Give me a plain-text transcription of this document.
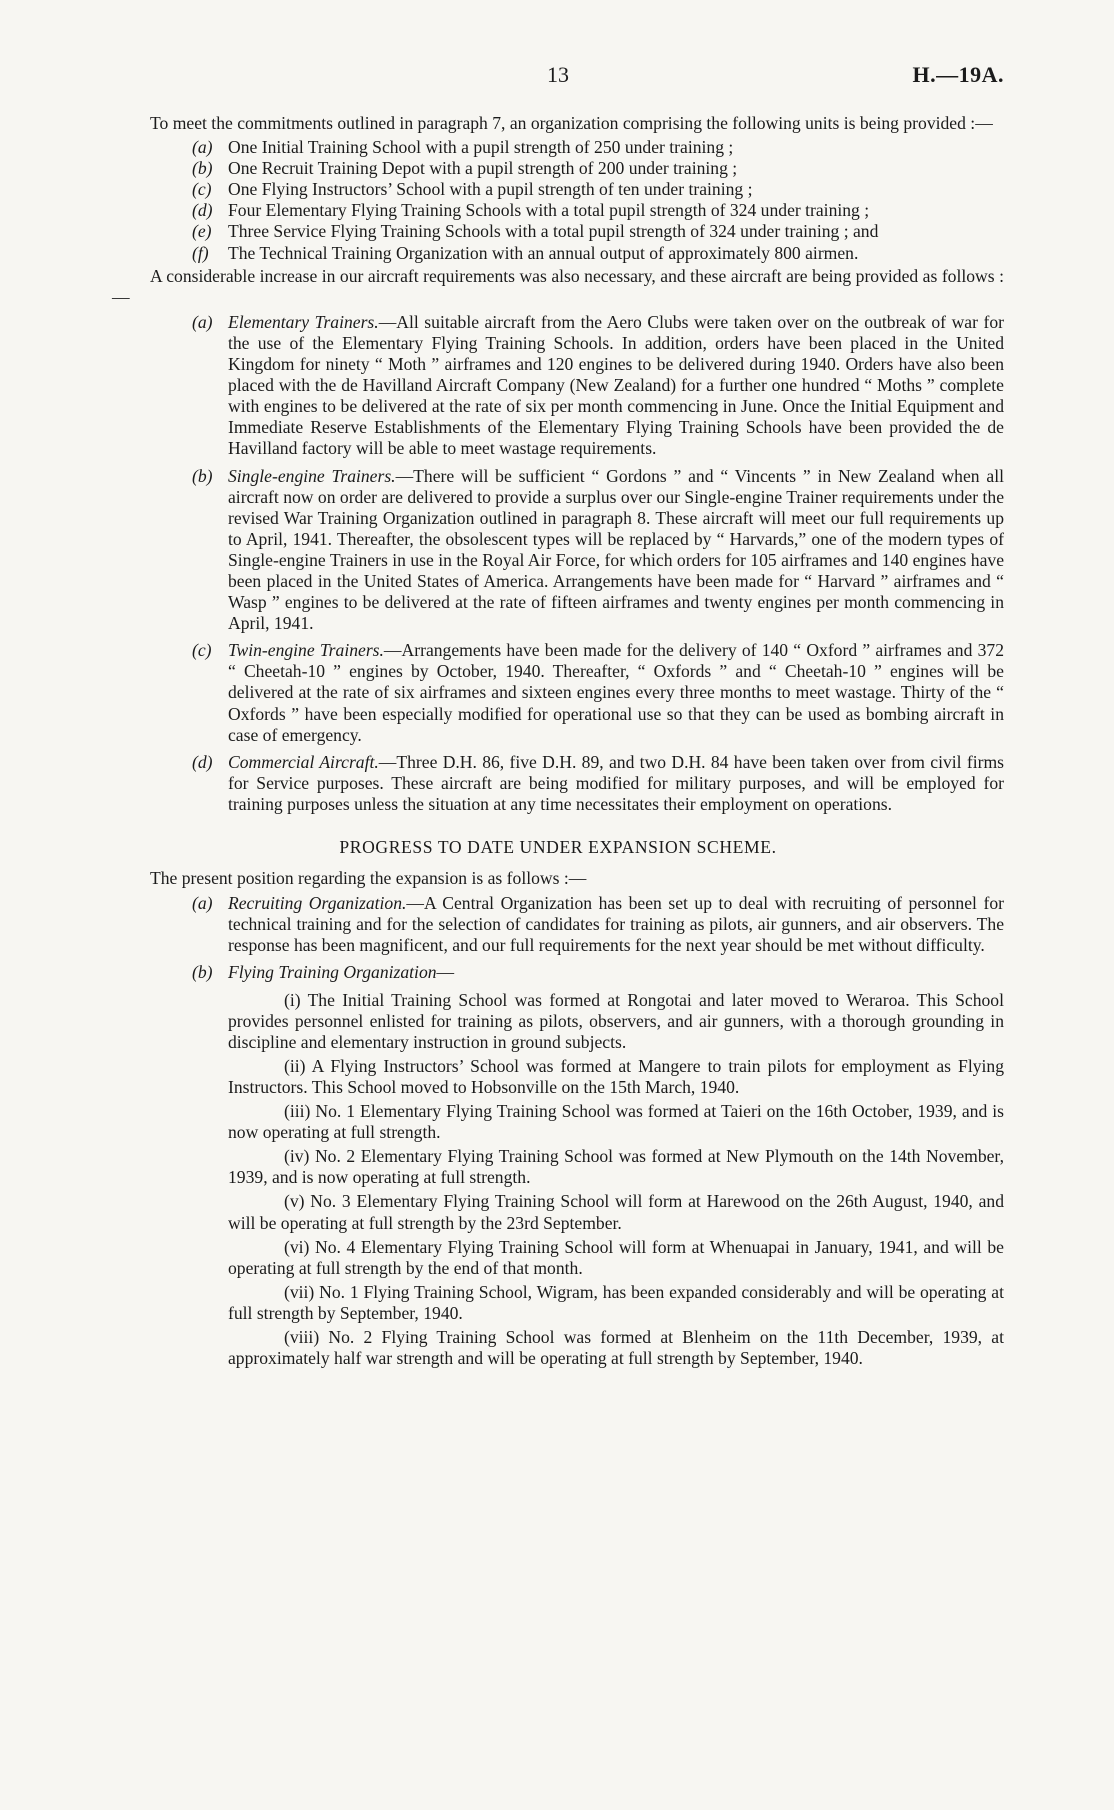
13	H.—19A.

To meet the commitments outlined in paragraph 7, an organization comprising the following units is being provided :—

(a) One Initial Training School with a pupil strength of 250 under training ;
(b) One Recruit Training Depot with a pupil strength of 200 under training ;
(c) One Flying Instructors’ School with a pupil strength of ten under training ;
(d) Four Elementary Flying Training Schools with a total pupil strength of 324 under training ;
(e) Three Service Flying Training Schools with a total pupil strength of 324 under training ; and
(f)	The Technical Training Organization with an annual output of approximately 800 airmen.

A considerable increase in our aircraft requirements was also necessary, and these aircraft are being provided as follows :—

(a) Elementary Trainers.—All suitable aircraft from the Aero Clubs were taken over on the outbreak of war for the use of the Elementary Flying Training Schools. In addition, orders have been placed in the United Kingdom for ninety “ Moth ” airframes and 120 engines to be delivered during 1940. Orders have also been placed with the de Havilland Aircraft Company (New Zealand) for a further one hundred “ Moths ” complete with engines to be delivered at the rate of six per month commencing in June. Once the Initial Equipment and Immediate Reserve Establishments of the Elementary Flying Training Schools have been provided the de Havilland factory will be able to meet wastage requirements.
(b) Single-engine Trainers.—There will be sufficient “ Gordons ” and “ Vincents ” in New Zealand when all aircraft now on order are delivered to provide a surplus over our Single-engine Trainer requirements under the revised War Training Organization outlined in paragraph 8. These aircraft will meet our full requirements up to April, 1941. Thereafter, the obsolescent types will be replaced by “ Harvards,” one of the modern types of Single-engine Trainers in use in the Royal Air Force, for which orders for 105 airframes and 140 engines have been placed in the United States of America. Arrangements have been made for “ Harvard ” airframes and “ Wasp ” engines to be delivered at the rate of fifteen airframes and twenty engines per month commencing in April, 1941.
(c) Twin-engine Trainers.—Arrangements have been made for the delivery of 140 “ Oxford ” airframes and 372 “ Cheetah-10 ” engines by October, 1940. Thereafter, “ Oxfords ” and “ Cheetah-10 ” engines will be delivered at the rate of six airframes and sixteen engines every three months to meet wastage. Thirty of the “ Oxfords ” have been especially modified for operational use so that they can be used as bombing aircraft in case of emergency.
(d) Commercial Aircraft.—Three D.H. 86, five D.H. 89, and two D.H. 84 have been taken over from civil firms for Service purposes. These aircraft are being modified for military purposes, and will be employed for training purposes unless the situation at any time necessitates their employment on operations.

PROGRESS TO DATE UNDER EXPANSION SCHEME.

The present position regarding the expansion is as follows :—

(a) Recruiting Organization.—A Central Organization has been set up to deal with recruiting of personnel for technical training and for the selection of candidates for training as pilots, air gunners, and air observers. The response has been magnificent, and our full requirements for the next year should be met without difficulty.
(b) Flying Training Organization—

(i) The Initial Training School was formed at Rongotai and later moved to Weraroa. This School provides personnel enlisted for training as pilots, observers, and air gunners, with a thorough grounding in discipline and elementary instruction in ground subjects.

(ii) A Flying Instructors’ School was formed at Mangere to train pilots for employment as Flying Instructors. This School moved to Hobsonville on the 15th March, 1940.

(iii) No. 1 Elementary Flying Training School was formed at Taieri on the 16th October, 1939, and is now operating at full strength.

(iv) No. 2 Elementary Flying Training School was formed at New Plymouth on the 14th November, 1939, and is now operating at full strength.

(v) No. 3 Elementary Flying Training School will form at Harewood on the 26th August, 1940, and will be operating at full strength by the 23rd September.

(vi) No. 4 Elementary Flying Training School will form at Whenuapai in January, 1941, and will be operating at full strength by the end of that month.

(vii) No. 1 Flying Training School, Wigram, has been expanded considerably and will be operating at full strength by September, 1940.

(viii) No. 2 Flying Training School was formed at Blenheim on the 11th December, 1939, at approximately half war strength and will be operating at full strength by September, 1940.
